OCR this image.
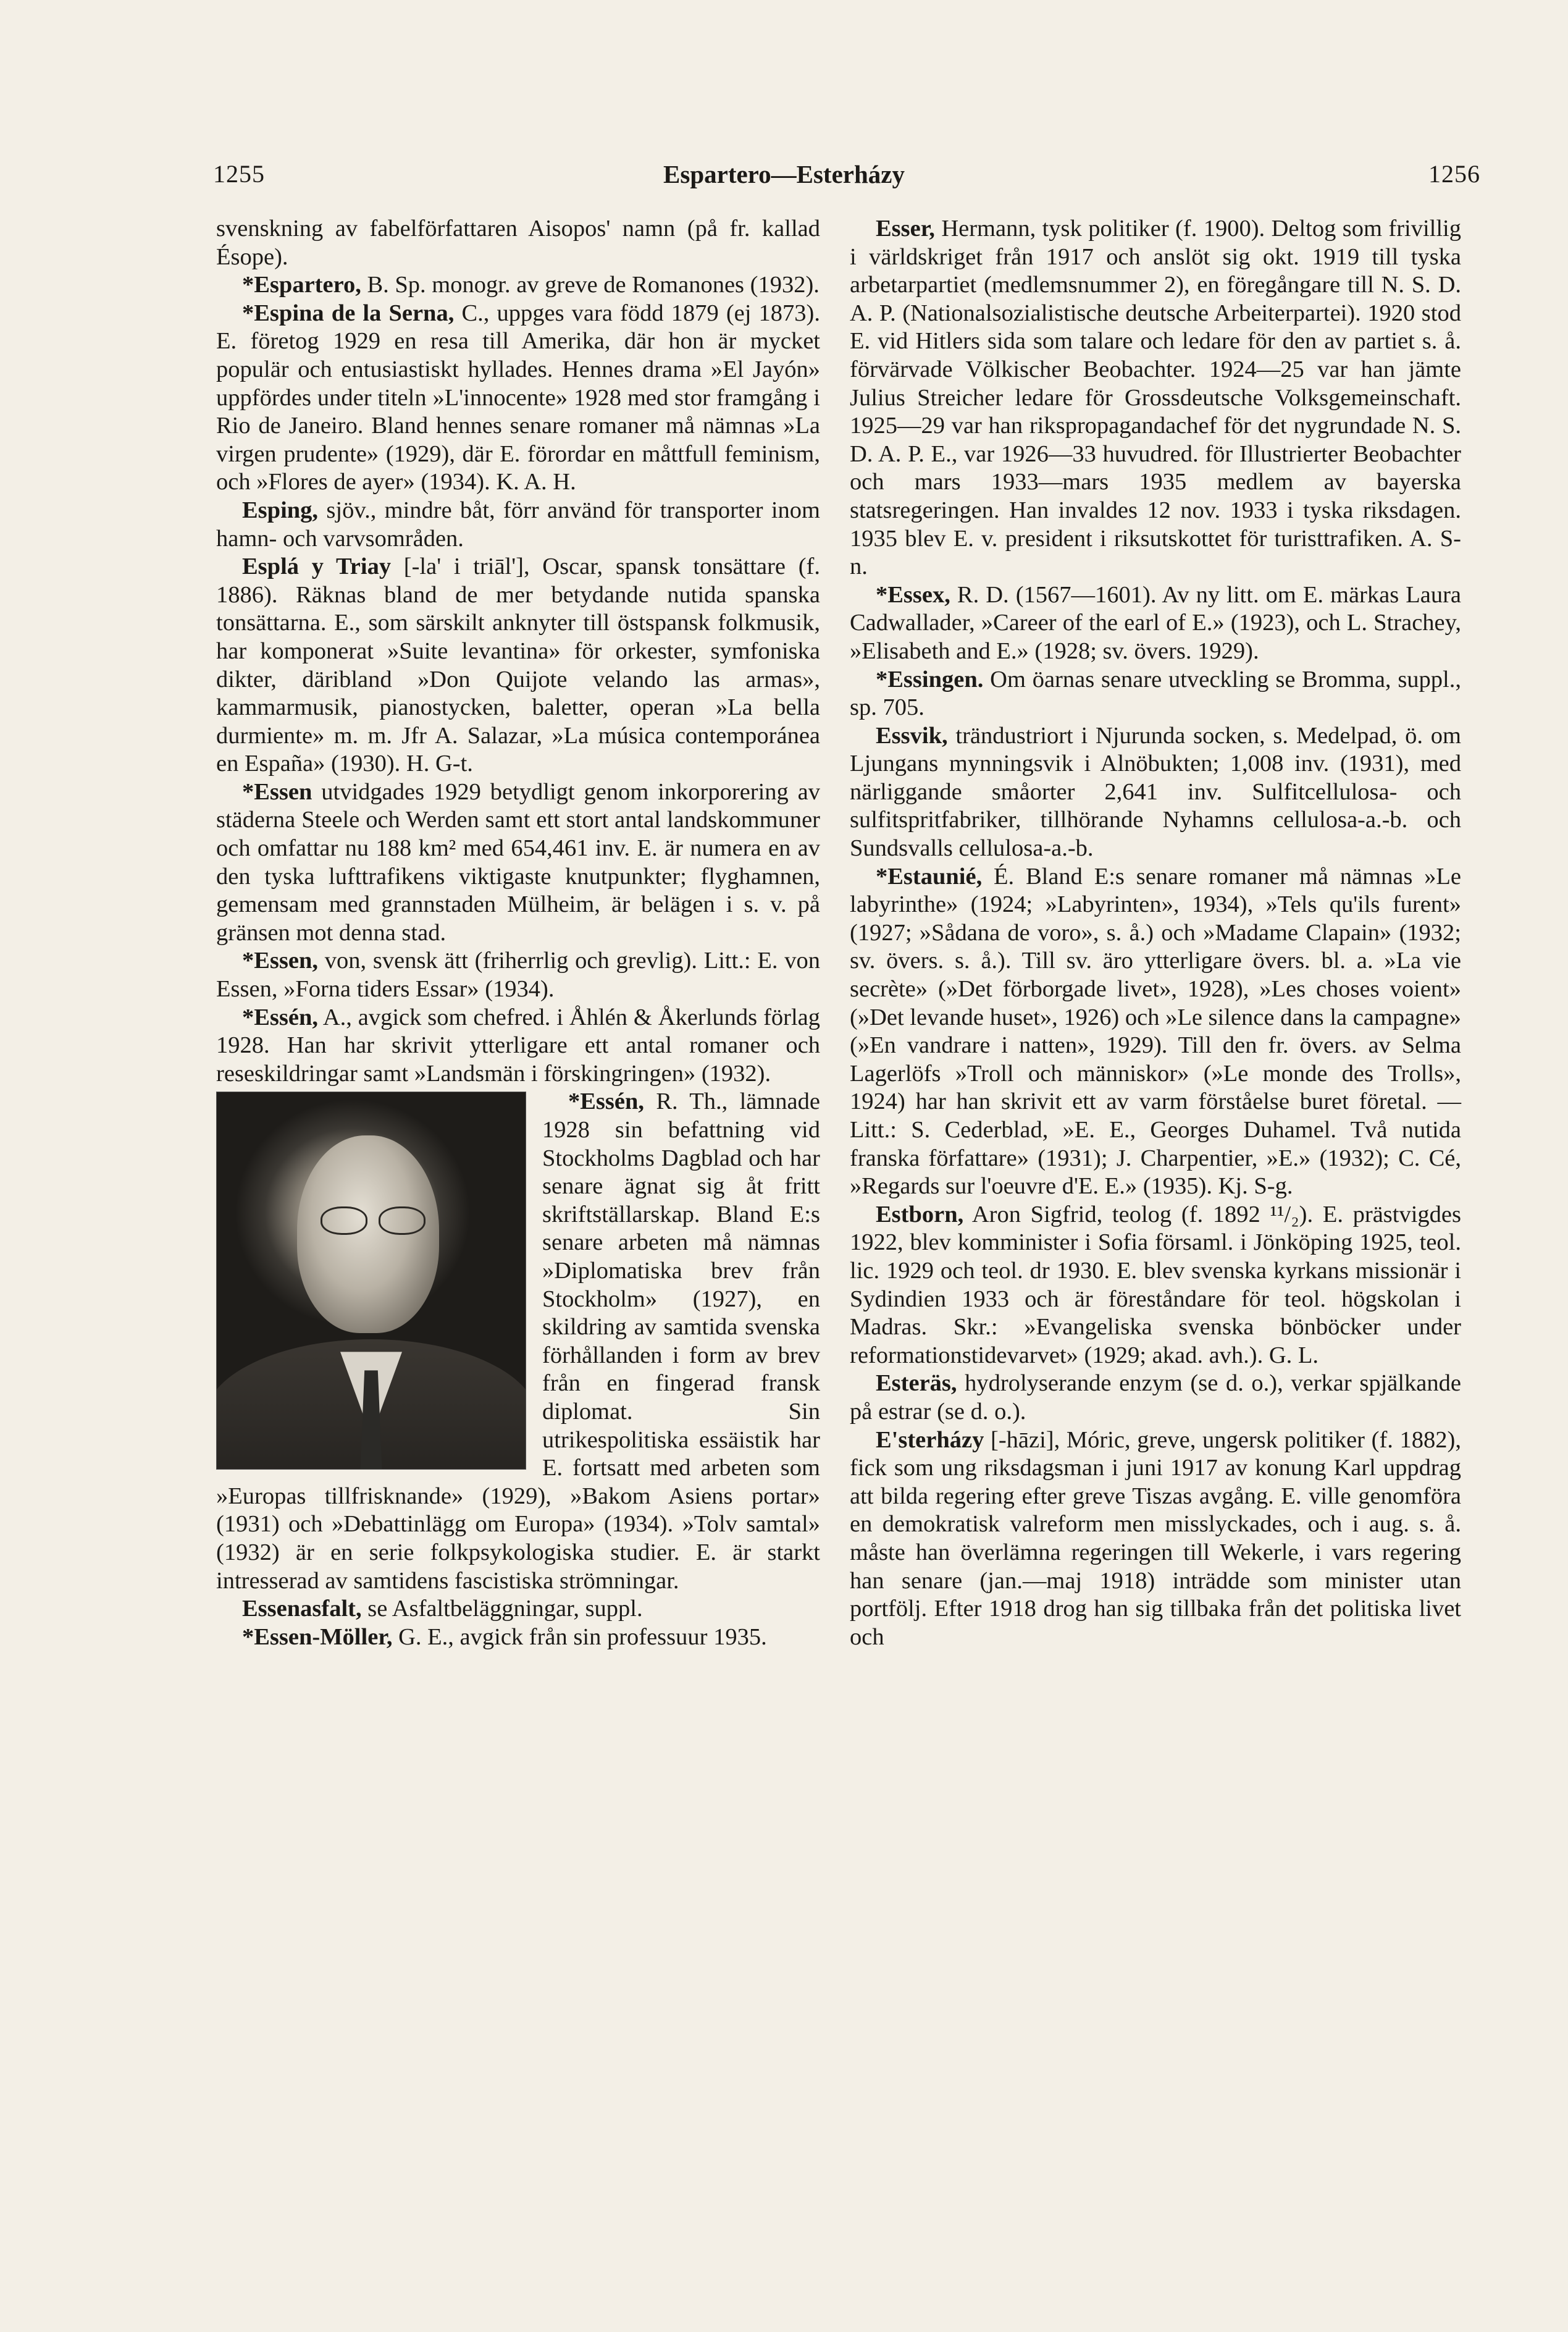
1255	Espartero—Esterházy	1256

svenskning av fabelförfattaren Aisopos' namn (på fr. kallad Ésope).

*Espartero, B. Sp. monogr. av greve de Romanones (1932).

*Espina de la Serna, C., uppges vara född 1879 (ej 1873). E. företog 1929 en resa till Amerika, där hon är mycket populär och entusiastiskt hyllades. Hennes drama »El Jayón» uppfördes under titeln »L'innocente» 1928 med stor framgång i Rio de Janeiro. Bland hennes senare romaner må nämnas »La virgen prudente» (1929), där E. förordar en måttfull feminism, och »Flores de ayer» (1934). K. A. H.

Esping, sjöv., mindre båt, förr använd för transporter inom hamn- och varvsområden.

Esplá y Triay [-la' i triāl'], Oscar, spansk tonsättare (f. 1886). Räknas bland de mer betydande nutida spanska tonsättarna. E., som särskilt anknyter till östspansk folkmusik, har komponerat »Suite levantina» för orkester, symfoniska dikter, däribland »Don Quijote velando las armas», kammarmusik, pianostycken, baletter, operan »La bella durmiente» m. m. Jfr A. Salazar, »La música contemporánea en España» (1930). H. G-t.

*Essen utvidgades 1929 betydligt genom inkorporering av städerna Steele och Werden samt ett stort antal landskommuner och omfattar nu 188 km² med 654,461 inv. E. är numera en av den tyska lufttrafikens viktigaste knutpunkter; flyghamnen, gemensam med grannstaden Mülheim, är belägen i s. v. på gränsen mot denna stad.

*Essen, von, svensk ätt (friherrlig och grevlig). Litt.: E. von Essen, »Forna tiders Essar» (1934).

*Essén, A., avgick som chefred. i Åhlén & Åkerlunds förlag 1928. Han har skrivit ytterligare ett antal romaner och reseskildringar samt »Landsmän i förskingringen» (1932).

*Essén, R. Th., lämnade 1928 sin befattning vid Stockholms Dagblad och har senare ägnat sig åt fritt skriftställarskap. Bland E:s senare arbeten må nämnas »Diplomatiska brev från Stockholm» (1927), en skildring av samtida svenska förhållanden i form av brev från en fingerad fransk diplomat. Sin utrikespolitiska essäistik har E. fortsatt med arbeten som »Europas tillfrisknande» (1929), »Bakom Asiens portar» (1931) och »Debattinlägg om Europa» (1934). »Tolv samtal» (1932) är en serie folkpsykologiska studier. E. är starkt intresserad av samtidens fascistiska strömningar.

Essenasfalt, se Asfaltbeläggningar, suppl.

*Essen-Möller, G. E., avgick från sin professuur 1935.

Esser, Hermann, tysk politiker (f. 1900). Deltog som frivillig i världskriget från 1917 och anslöt sig okt. 1919 till tyska arbetarpartiet (medlemsnummer 2), en föregångare till N. S. D. A. P. (Nationalsozialistische deutsche Arbeiterpartei). 1920 stod E. vid Hitlers sida som talare och ledare för den av partiet s. å. förvärvade Völkischer Beobachter. 1924—25 var han jämte Julius Streicher ledare för Grossdeutsche Volksgemeinschaft. 1925—29 var han rikspropagandachef för det nygrundade N. S. D. A. P. E., var 1926—33 huvudred. för Illustrierter Beobachter och mars 1933—mars 1935 medlem av bayerska statsregeringen. Han invaldes 12 nov. 1933 i tyska riksdagen. 1935 blev E. v. president i riksutskottet för turisttrafiken. A. S-n.

*Essex, R. D. (1567—1601). Av ny litt. om E. märkas Laura Cadwallader, »Career of the earl of E.» (1923), och L. Strachey, »Elisabeth and E.» (1928; sv. övers. 1929).

*Essingen. Om öarnas senare utveckling se Bromma, suppl., sp. 705.

Essvik, trändustriort i Njurunda socken, s. Medelpad, ö. om Ljungans mynningsvik i Alnöbukten; 1,008 inv. (1931), med närliggande småorter 2,641 inv. Sulfitcellulosa- och sulfitspritfabriker, tillhörande Nyhamns cellulosa-a.-b. och Sundsvalls cellulosa-a.-b.

*Estaunié, É. Bland E:s senare romaner må nämnas »Le labyrinthe» (1924; »Labyrinten», 1934), »Tels qu'ils furent» (1927; »Sådana de voro», s. å.) och »Madame Clapain» (1932; sv. övers. s. å.). Till sv. äro ytterligare övers. bl. a. »La vie secrète» (»Det förborgade livet», 1928), »Les choses voient» (»Det levande huset», 1926) och »Le silence dans la campagne» (»En vandrare i natten», 1929). Till den fr. övers. av Selma Lagerlöfs »Troll och människor» (»Le monde des Trolls», 1924) har han skrivit ett av varm förståelse buret företal. — Litt.: S. Cederblad, »E. E., Georges Duhamel. Två nutida franska författare» (1931); J. Charpentier, »E.» (1932); C. Cé, »Regards sur l'oeuvre d'E. E.» (1935). Kj. S-g.

Estborn, Aron Sigfrid, teolog (f. 1892 ¹¹/₂). E. prästvigdes 1922, blev komminister i Sofia församl. i Jönköping 1925, teol. lic. 1929 och teol. dr 1930. E. blev svenska kyrkans missionär i Sydindien 1933 och är föreståndare för teol. högskolan i Madras. Skr.: »Evangeliska svenska bönböcker under reformationstidevarvet» (1929; akad. avh.). G. L.

Esteräs, hydrolyserande enzym (se d. o.), verkar spjälkande på estrar (se d. o.).

E'sterházy [-hāzi], Móric, greve, ungersk politiker (f. 1882), fick som ung riksdagsman i juni 1917 av konung Karl uppdrag att bilda regering efter greve Tiszas avgång. E. ville genomföra en demokratisk valreform men misslyckades, och i aug. s. å. måste han överlämna regeringen till Wekerle, i vars regering han senare (jan.—maj 1918) inträdde som minister utan portfölj. Efter 1918 drog han sig tillbaka från det politiska livet och
